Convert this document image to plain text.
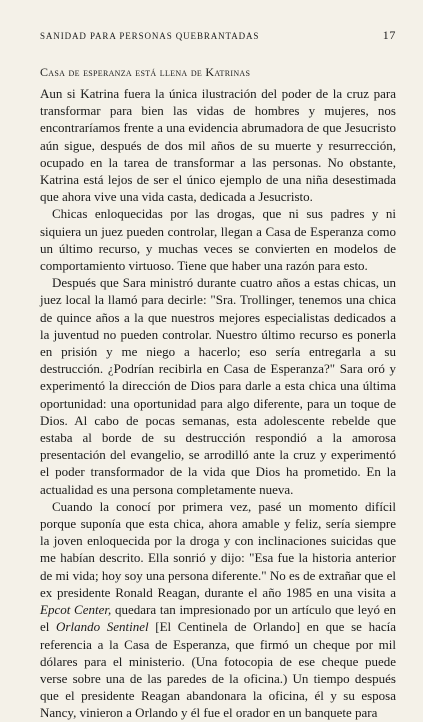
SANIDAD PARA PERSONAS QUEBRANTADAS	17
Casa de esperanza está llena de Katrinas

Aun si Katrina fuera la única ilustración del poder de la cruz para transformar para bien las vidas de hombres y mujeres, nos encontraríamos frente a una evidencia abrumadora de que Jesucristo aún sigue, después de dos mil años de su muerte y resurrección, ocupado en la tarea de transformar a las personas. No obstante, Katrina está lejos de ser el único ejemplo de una niña desestimada que ahora vive una vida casta, dedicada a Jesucristo.

Chicas enloquecidas por las drogas, que ni sus padres y ni siquiera un juez pueden controlar, llegan a Casa de Esperanza como un último recurso, y muchas veces se convierten en modelos de comportamiento virtuoso. Tiene que haber una razón para esto.

Después que Sara ministró durante cuatro años a estas chicas, un juez local la llamó para decirle: "Sra. Trollinger, tenemos una chica de quince años a la que nuestros mejores especialistas dedicados a la juventud no pueden controlar. Nuestro último recurso es ponerla en prisión y me niego a hacerlo; eso sería entregarla a su destrucción. ¿Podrían recibirla en Casa de Esperanza?" Sara oró y experimentó la dirección de Dios para darle a esta chica una última oportunidad: una oportunidad para algo diferente, para un toque de Dios. Al cabo de pocas semanas, esta adolescente rebelde que estaba al borde de su destrucción respondió a la amorosa presentación del evangelio, se arrodilló ante la cruz y experimentó el poder transformador de la vida que Dios ha prometido. En la actualidad es una persona completamente nueva.

Cuando la conocí por primera vez, pasé un momento difícil porque suponía que esta chica, ahora amable y feliz, sería siempre la joven enloquecida por la droga y con inclinaciones suicidas que me habían descrito. Ella sonrió y dijo: "Esa fue la historia anterior de mi vida; hoy soy una persona diferente." No es de extrañar que el ex presidente Ronald Reagan, durante el año 1985 en una visita a Epcot Center, quedara tan impresionado por un artículo que leyó en el Orlando Sentinel [El Centinela de Orlando] en que se hacía referencia a la Casa de Esperanza, que firmó un cheque por mil dólares para el ministerio. (Una fotocopia de ese cheque puede verse sobre una de las paredes de la oficina.) Un tiempo después que el presidente Reagan abandonara la oficina, él y su esposa Nancy, vinieron a Orlando y él fue el orador en un banquete para
